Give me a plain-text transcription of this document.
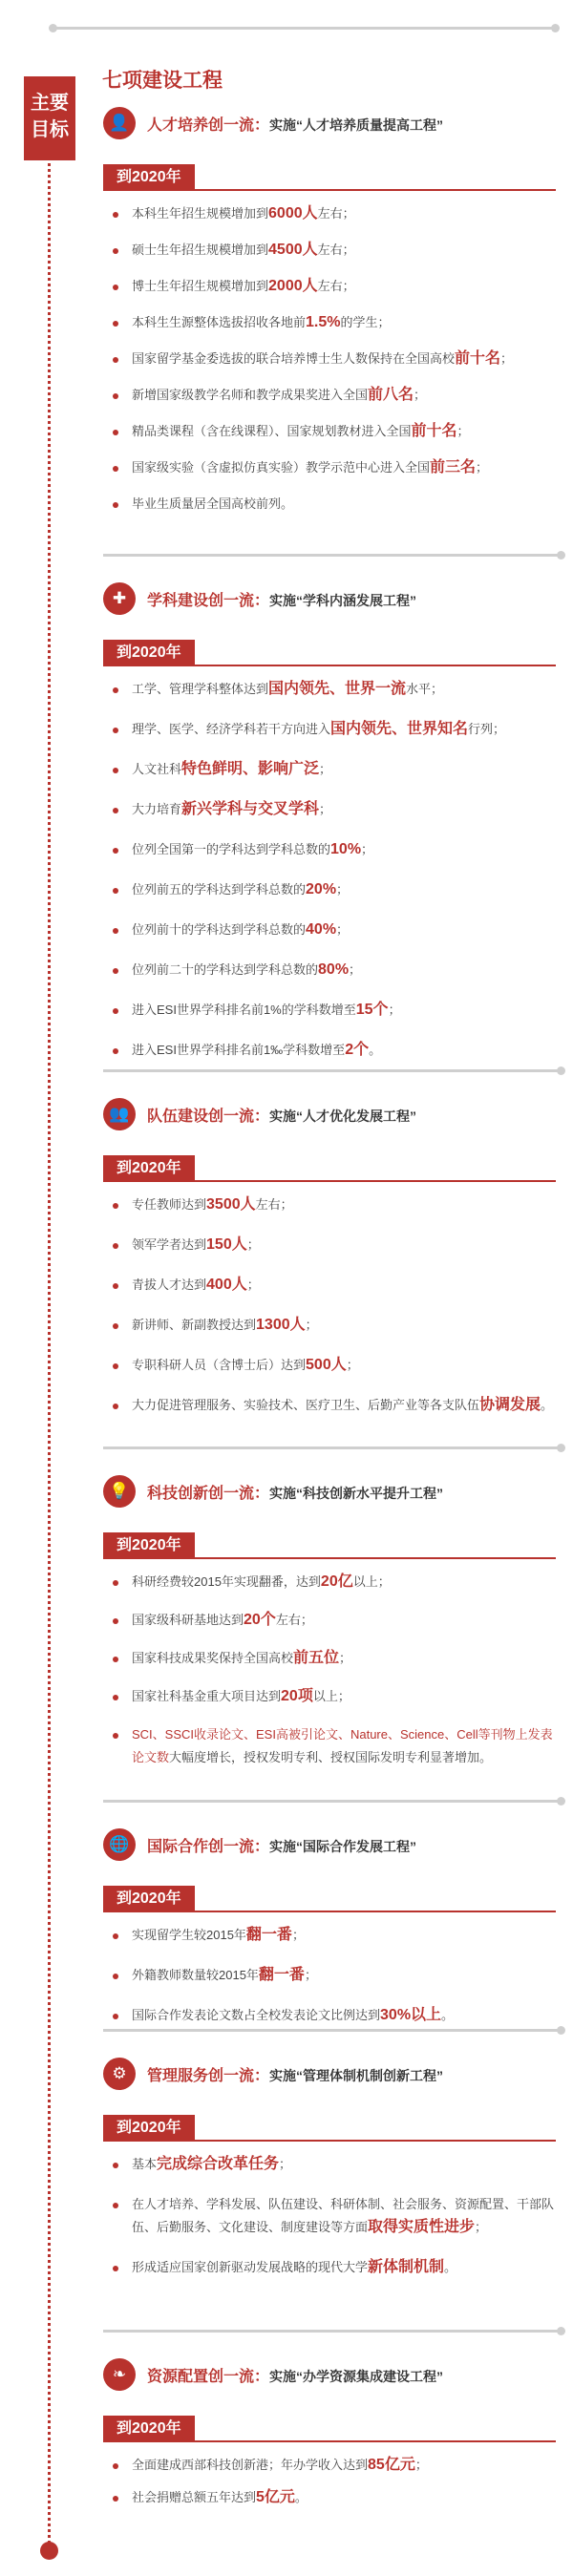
主要
目标
七项建设工程
👤	人才培养创一流：实施“人才培养质量提高工程”
到2020年
本科生年招生规模增加到6000人左右；
硕士生年招生规模增加到4500人左右；
博士生年招生规模增加到2000人左右；
本科生生源整体选拔招收各地前1.5%的学生；
国家留学基金委选拔的联合培养博士生人数保持在全国高校前十名；
新增国家级教学名师和教学成果奖进入全国前八名；
精品类课程（含在线课程）、国家规划教材进入全国前十名；
国家级实验（含虚拟仿真实验）教学示范中心进入全国前三名；
毕业生质量居全国高校前列。
✚	学科建设创一流：实施“学科内涵发展工程”
到2020年
工学、管理学科整体达到国内领先、世界一流水平；
理学、医学、经济学科若干方向进入国内领先、世界知名行列；
人文社科特色鲜明、影响广泛；
大力培育新兴学科与交叉学科；
位列全国第一的学科达到学科总数的10%；
位列前五的学科达到学科总数的20%；
位列前十的学科达到学科总数的40%；
位列前二十的学科达到学科总数的80%；
进入ESI世界学科排名前1%的学科数增至15个；
进入ESI世界学科排名前1‰学科数增至2个。
👥	队伍建设创一流：实施“人才优化发展工程”
到2020年
专任教师达到3500人左右；
领军学者达到150人；
青拔人才达到400人；
新讲师、新副教授达到1300人；
专职科研人员（含博士后）达到500人；
大力促进管理服务、实验技术、医疗卫生、后勤产业等各支队伍协调发展。
💡	科技创新创一流：实施“科技创新水平提升工程”
到2020年
科研经费较2015年实现翻番，达到20亿以上；
国家级科研基地达到20个左右；
国家科技成果奖保持全国高校前五位；
国家社科基金重大项目达到20项以上；
SCI、SSCI收录论文、ESI高被引论文、Nature、Science、Cell等刊物上发表论文数大幅度增长，授权发明专利、授权国际发明专利显著增加。
🌐	国际合作创一流：实施“国际合作发展工程”
到2020年
实现留学生较2015年翻一番；
外籍教师数量较2015年翻一番；
国际合作发表论文数占全校发表论文比例达到30%以上。
⚙	管理服务创一流：实施“管理体制机制创新工程”
到2020年
基本完成综合改革任务；
在人才培养、学科发展、队伍建设、科研体制、社会服务、资源配置、干部队伍、后勤服务、文化建设、制度建设等方面取得实质性进步；
形成适应国家创新驱动发展战略的现代大学新体制机制。
❧	资源配置创一流：实施“办学资源集成建设工程”
到2020年
全面建成西部科技创新港；年办学收入达到85亿元；
社会捐赠总额五年达到5亿元。
